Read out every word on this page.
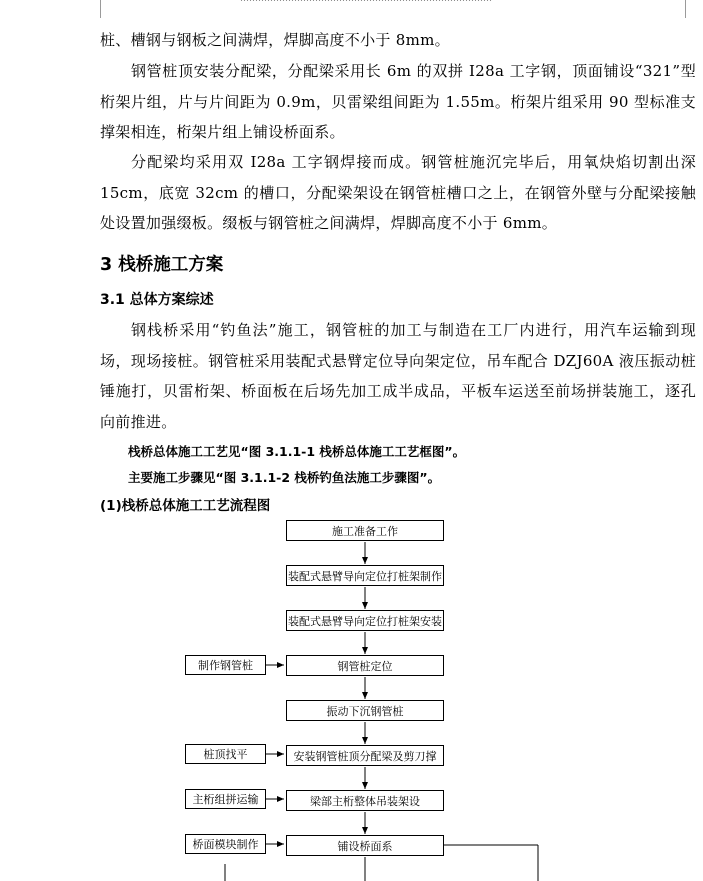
桩、槽钢与钢板之间满焊，焊脚高度不小于 8mm。

钢管桩顶安装分配梁，分配梁采用长 6m 的双拼 I28a 工字钢，顶面铺设“321”型桁架片组，片与片间距为 0.9m，贝雷梁组间距为 1.55m。桁架片组采用 90 型标准支撑架相连，桁架片组上铺设桥面系。

分配梁均采用双 I28a 工字钢焊接而成。钢管桩施沉完毕后，用氧炔焰切割出深 15cm，底宽 32cm 的槽口，分配梁架设在钢管桩槽口之上，在钢管外壁与分配梁接触处设置加强缀板。缀板与钢管桩之间满焊，焊脚高度不小于 6mm。

3 栈桥施工方案
3.1 总体方案综述

钢栈桥采用“钓鱼法”施工，钢管桩的加工与制造在工厂内进行，用汽车运输到现场，现场接桩。钢管桩采用装配式悬臂定位导向架定位，吊车配合 DZJ60A 液压振动桩锤施打，贝雷桁架、桥面板在后场先加工成半成品，平板车运送至前场拼装施工，逐孔向前推进。

栈桥总体施工工艺见“图 3.1.1-1 栈桥总体施工工艺框图”。

主要施工步骤见“图 3.1.1-2 栈桥钓鱼法施工步骤图”。

(1)栈桥总体施工工艺流程图

施工准备工作
装配式悬臂导向定位打桩架制作
装配式悬臂导向定位打桩架安装
钢管桩定位
振动下沉钢管桩
安装钢管桩顶分配梁及剪刀撑
梁部主桁整体吊装架设
铺设桥面系
制作钢管桩
桩顶找平
主桁组拼运输
桥面模块制作
